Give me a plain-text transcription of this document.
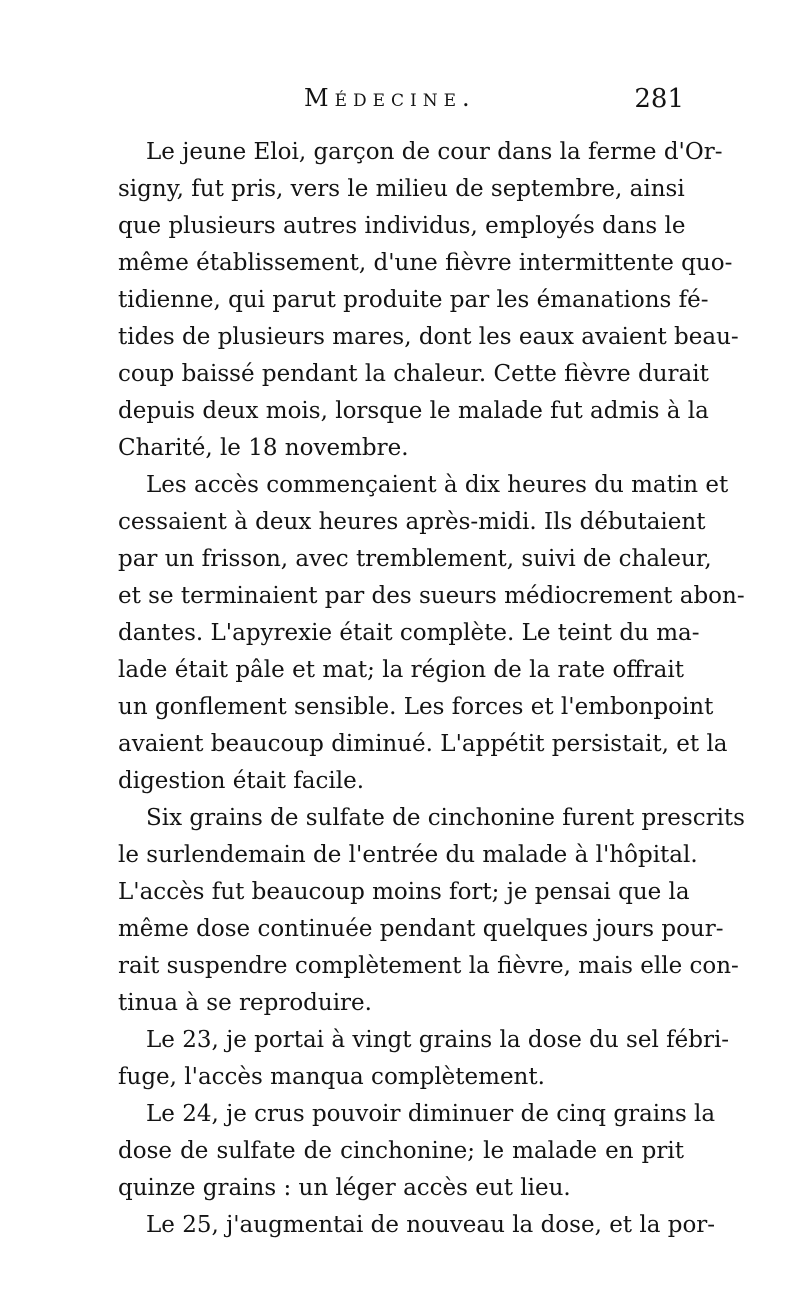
Médecine.	281
Le jeune Eloi, garçon de cour dans la ferme d'Or-
signy, fut pris, vers le milieu de septembre, ainsi
que plusieurs autres individus, employés dans le
même établissement, d'une fièvre intermittente quo-
tidienne, qui parut produite par les émanations fé-
tides de plusieurs mares, dont les eaux avaient beau-
coup baissé pendant la chaleur. Cette fièvre durait
depuis deux mois, lorsque le malade fut admis à la
Charité, le 18 novembre.
Les accès commençaient à dix heures du matin et
cessaient à deux heures après-midi. Ils débutaient
par un frisson, avec tremblement, suivi de chaleur,
et se terminaient par des sueurs médiocrement abon-
dantes. L'apyrexie était complète. Le teint du ma-
lade était pâle et mat; la région de la rate offrait
un gonflement sensible. Les forces et l'embonpoint
avaient beaucoup diminué. L'appétit persistait, et la
digestion était facile.
Six grains de sulfate de cinchonine furent prescrits
le surlendemain de l'entrée du malade à l'hôpital.
L'accès fut beaucoup moins fort; je pensai que la
même dose continuée pendant quelques jours pour-
rait suspendre complètement la fièvre, mais elle con-
tinua à se reproduire.
Le 23, je portai à vingt grains la dose du sel fébri-
fuge, l'accès manqua complètement.
Le 24, je crus pouvoir diminuer de cinq grains la
dose de sulfate de cinchonine; le malade en prit
quinze grains : un léger accès eut lieu.
Le 25, j'augmentai de nouveau la dose, et la por-
